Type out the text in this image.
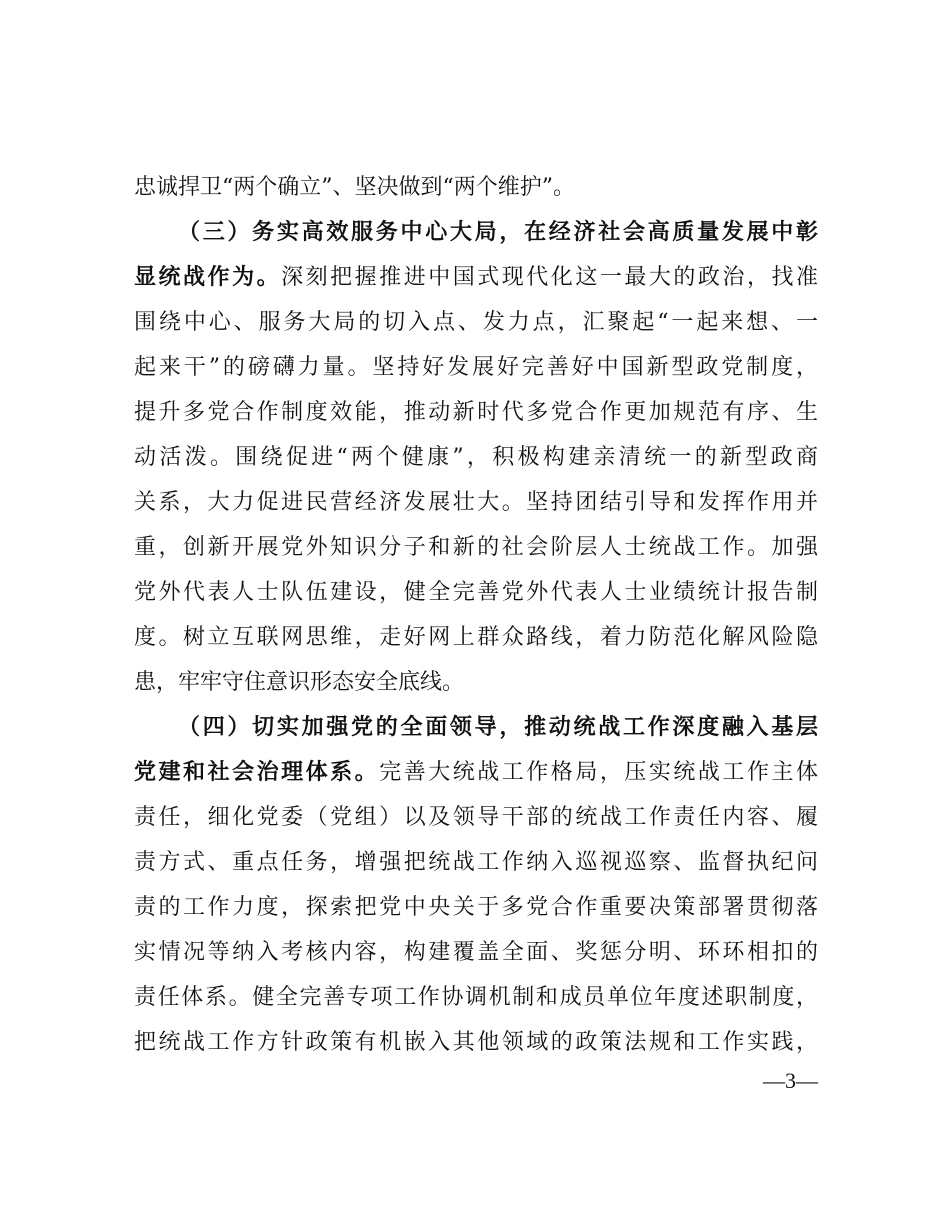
忠诚捍卫“两个确立”、坚决做到“两个维护”。
（三）务实高效服务中心大局，在经济社会高质量发展中彰
显统战作为。深刻把握推进中国式现代化这一最大的政治，找准
围绕中心、服务大局的切入点、发力点，汇聚起“一起来想、一
起来干”的磅礴力量。坚持好发展好完善好中国新型政党制度，
提升多党合作制度效能，推动新时代多党合作更加规范有序、生
动活泼。围绕促进“两个健康”，积极构建亲清统一的新型政商
关系，大力促进民营经济发展壮大。坚持团结引导和发挥作用并
重，创新开展党外知识分子和新的社会阶层人士统战工作。加强
党外代表人士队伍建设，健全完善党外代表人士业绩统计报告制
度。树立互联网思维，走好网上群众路线，着力防范化解风险隐
患，牢牢守住意识形态安全底线。
（四）切实加强党的全面领导，推动统战工作深度融入基层
党建和社会治理体系。完善大统战工作格局，压实统战工作主体
责任，细化党委（党组）以及领导干部的统战工作责任内容、履
责方式、重点任务，增强把统战工作纳入巡视巡察、监督执纪问
责的工作力度，探索把党中央关于多党合作重要决策部署贯彻落
实情况等纳入考核内容，构建覆盖全面、奖惩分明、环环相扣的
责任体系。健全完善专项工作协调机制和成员单位年度述职制度，
把统战工作方针政策有机嵌入其他领域的政策法规和工作实践，
—3—
